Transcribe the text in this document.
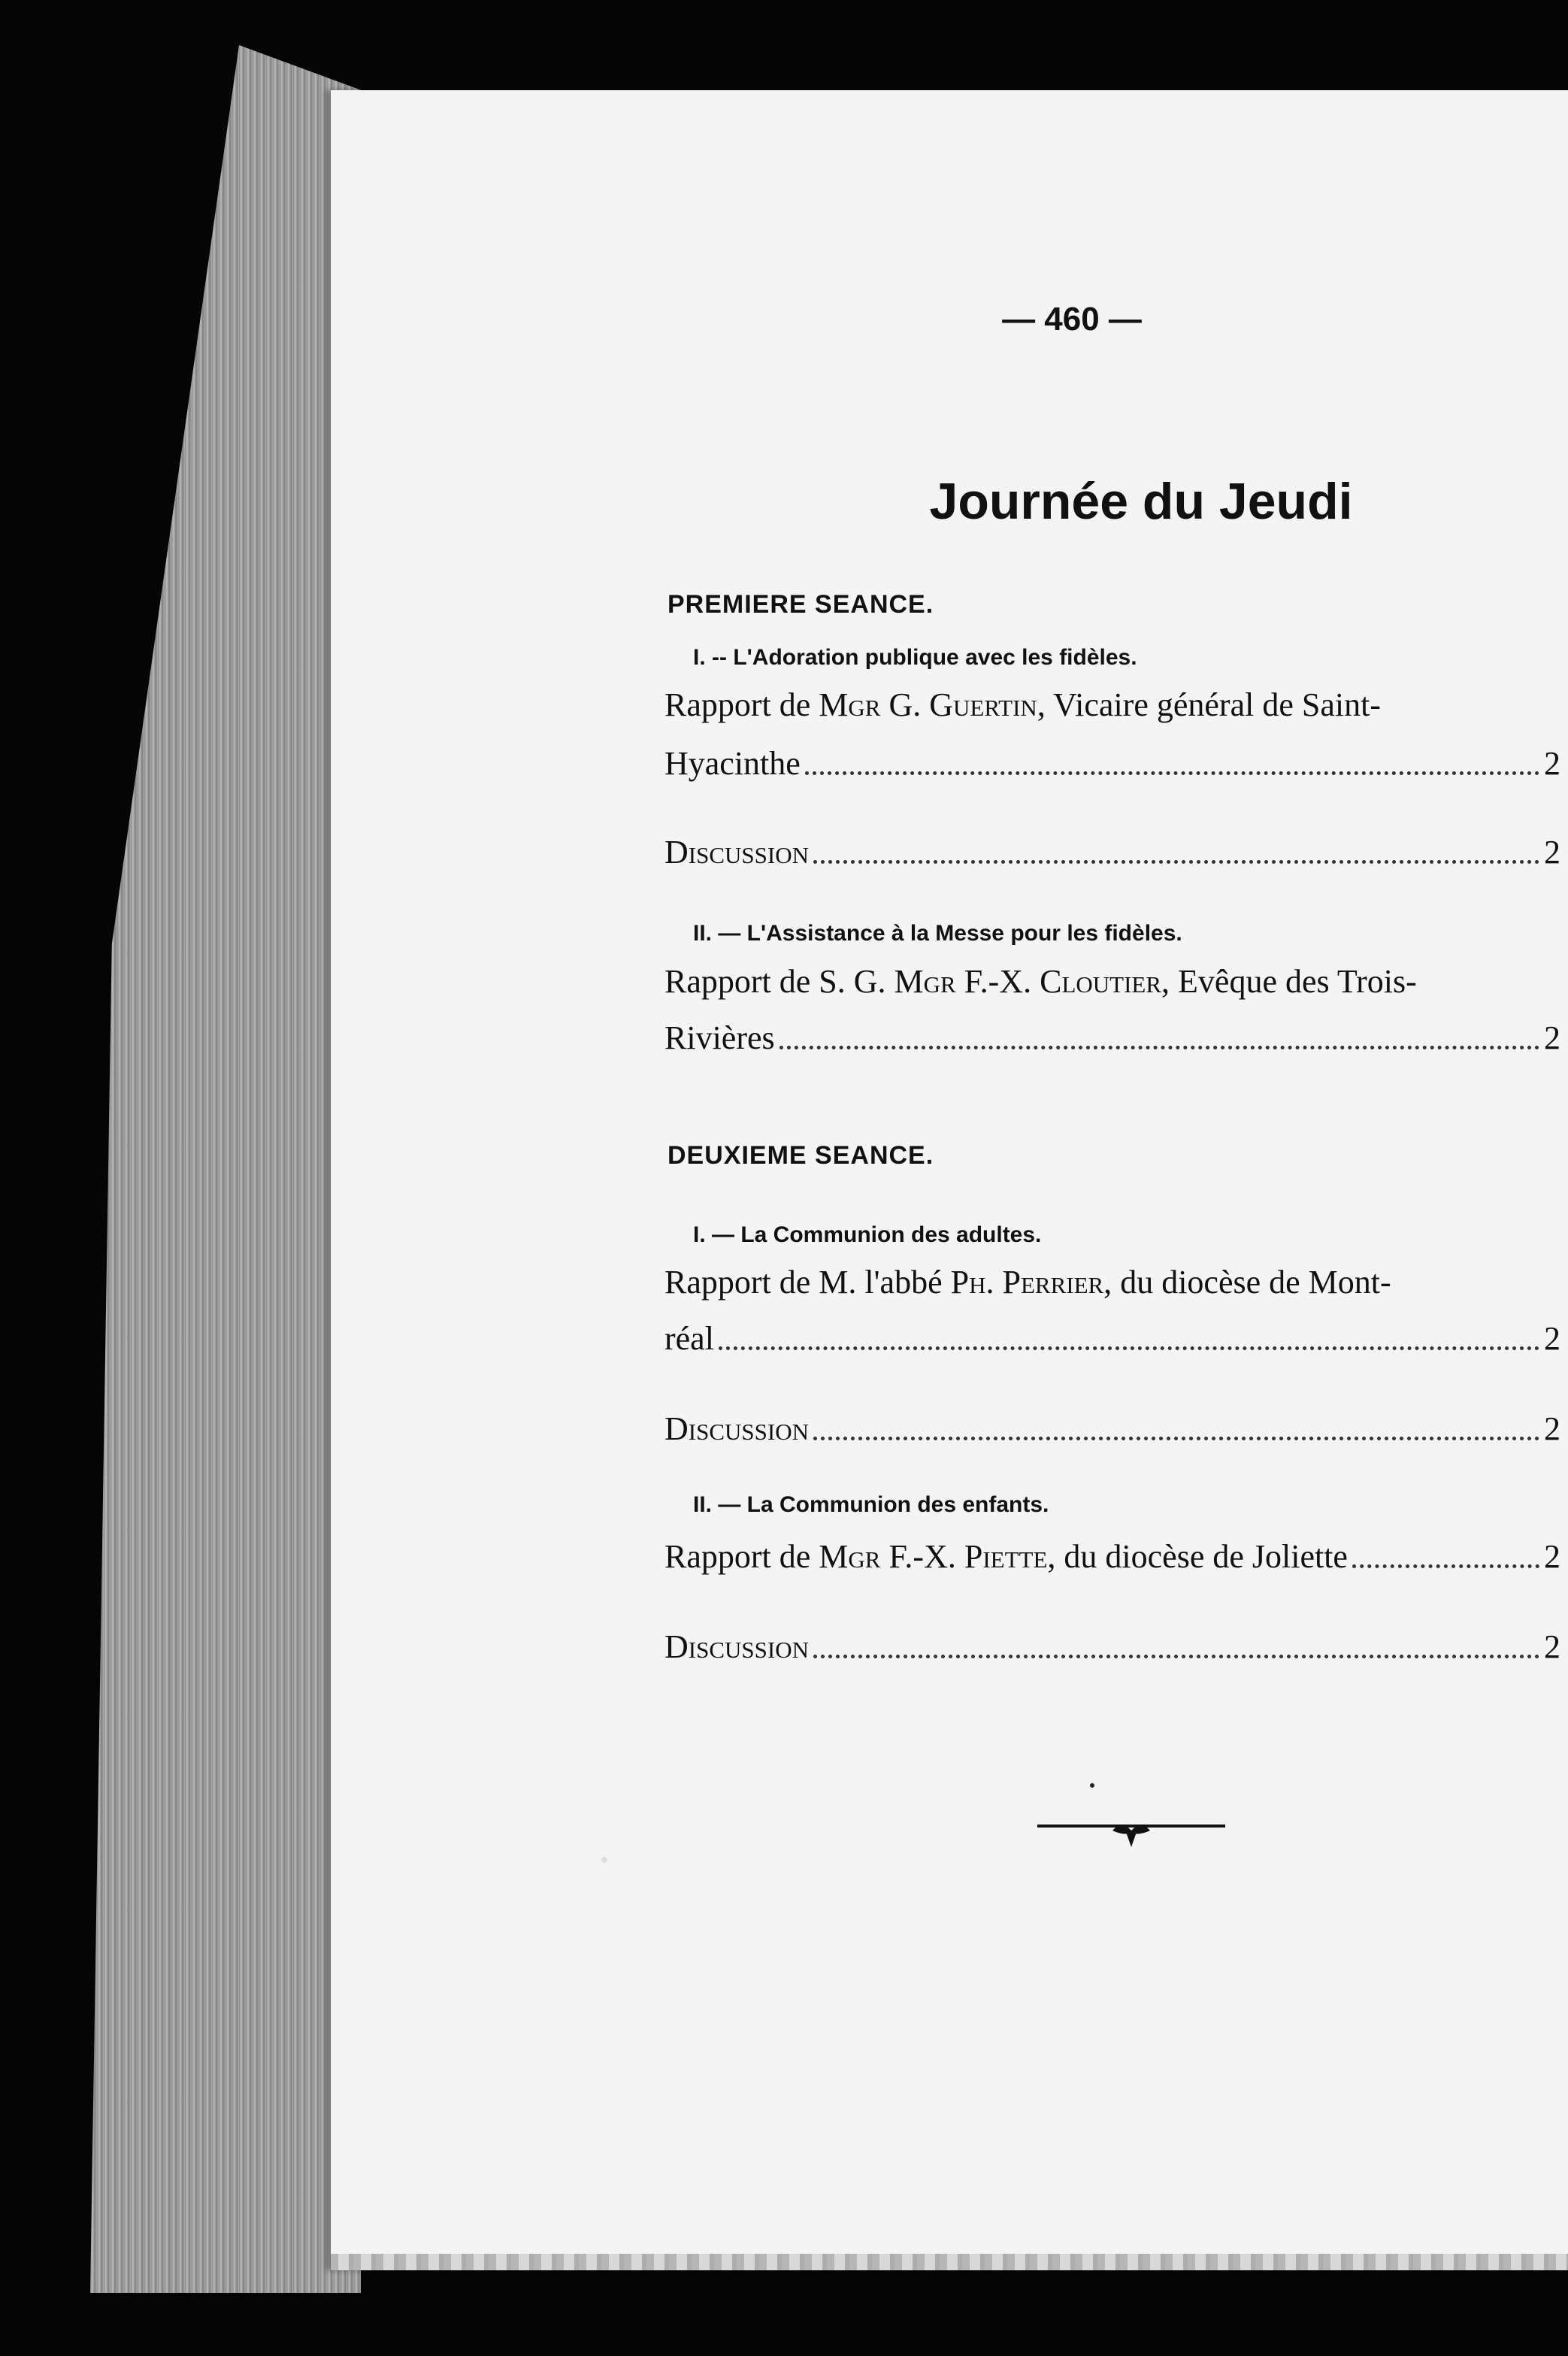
— 460 —
Journée du Jeudi
PREMIERE SEANCE.
I. -- L'Adoration publique avec les fidèles.
Rapport de Mgr G. Guertin, Vicaire général de Saint-
Hyacinthe	2
Discussion	2
II. — L'Assistance à la Messe pour les fidèles.
Rapport de S. G. Mgr F.-X. Cloutier, Evêque des Trois-
Rivières	2
DEUXIEME SEANCE.
I. — La Communion des adultes.
Rapport de M. l'abbé Ph. Perrier, du diocèse de Mont-
réal	2
Discussion	2
II. — La Communion des enfants.
Rapport de Mgr F.-X. Piette, du diocèse de Joliette	2
Discussion	2
